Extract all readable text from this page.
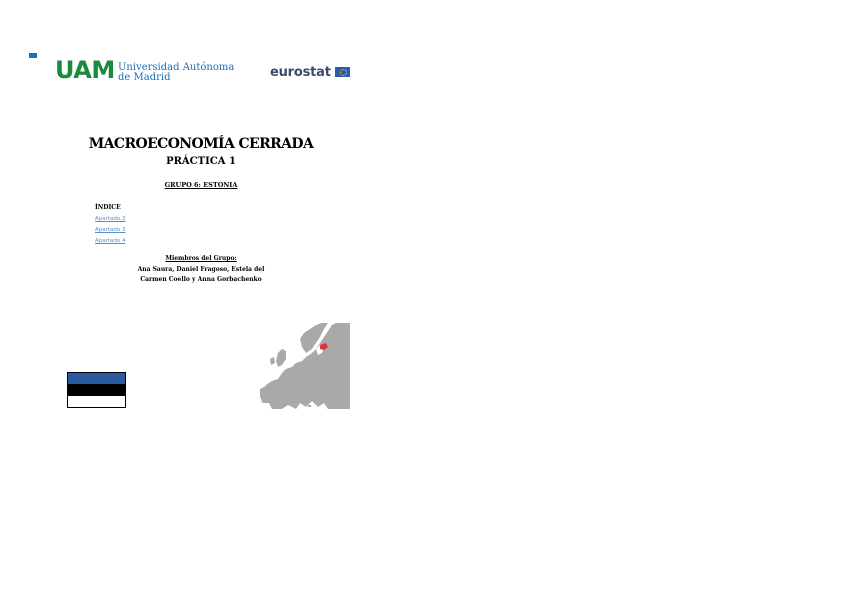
UAM Universidad Autónoma
de Madrid	eurostat
MACROECONOMÍA CERRADA
PRÁCTICA 1
GRUPO 6: ESTONIA
ÍNDICE
Apartado 2
Apartado 3
Apartado 4
Miembros del Grupo:
Ana Saura, Daniel Fragoso, Estela del Carmen Coello y Anna Gorbachenko
